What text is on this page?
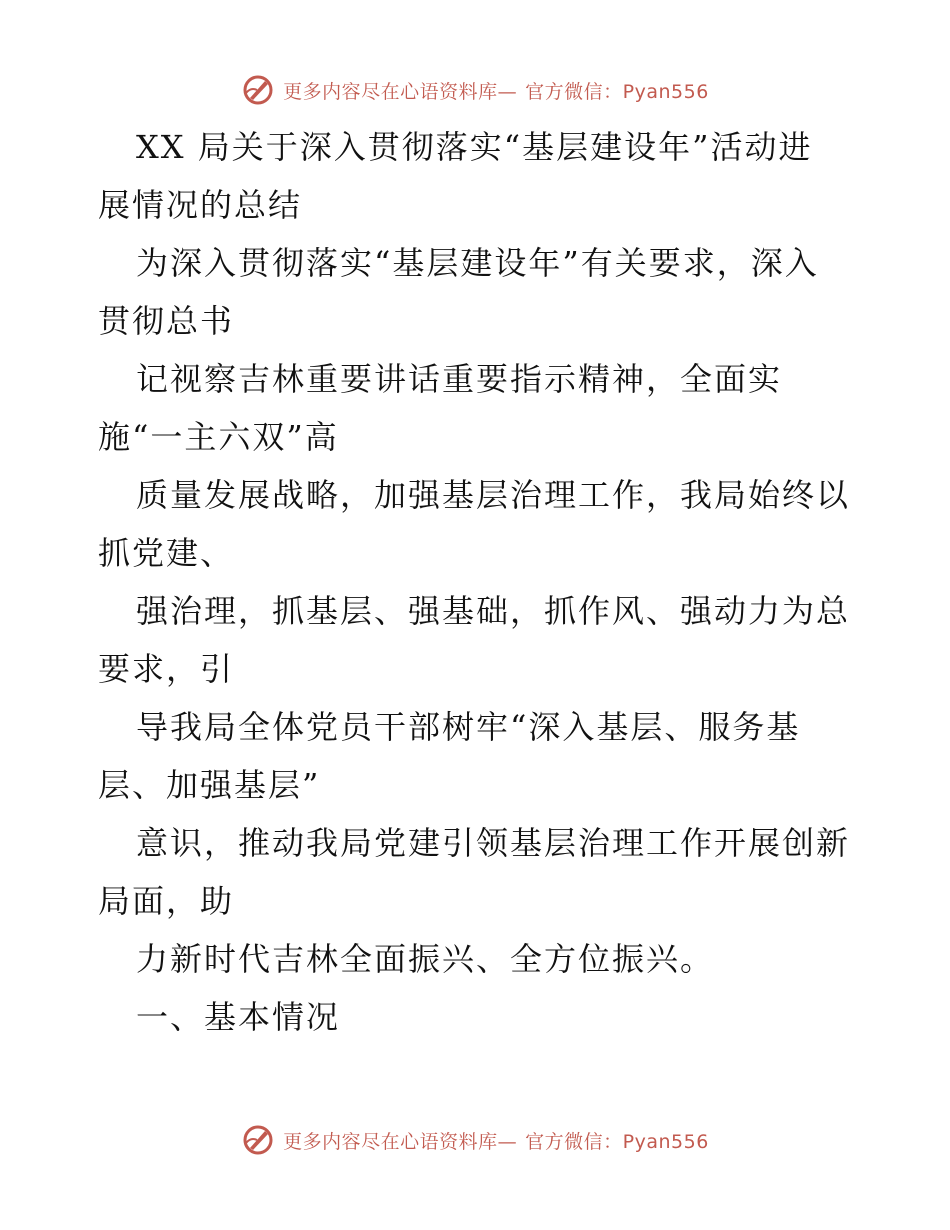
更多内容尽在心语资料库— 官方微信：Pyan556
XX 局关于深入贯彻落实“基层建设年”活动进
展情况的总结
为深入贯彻落实“基层建设年”有关要求，深入
贯彻总书
记视察吉林重要讲话重要指示精神，全面实
施“一主六双”高
质量发展战略，加强基层治理工作，我局始终以
抓党建、
强治理，抓基层、强基础，抓作风、强动力为总
要求，引
导我局全体党员干部树牢“深入基层、服务基
层、加强基层”
意识，推动我局党建引领基层治理工作开展创新
局面，助
力新时代吉林全面振兴、全方位振兴。
一、基本情况
更多内容尽在心语资料库— 官方微信：Pyan556
